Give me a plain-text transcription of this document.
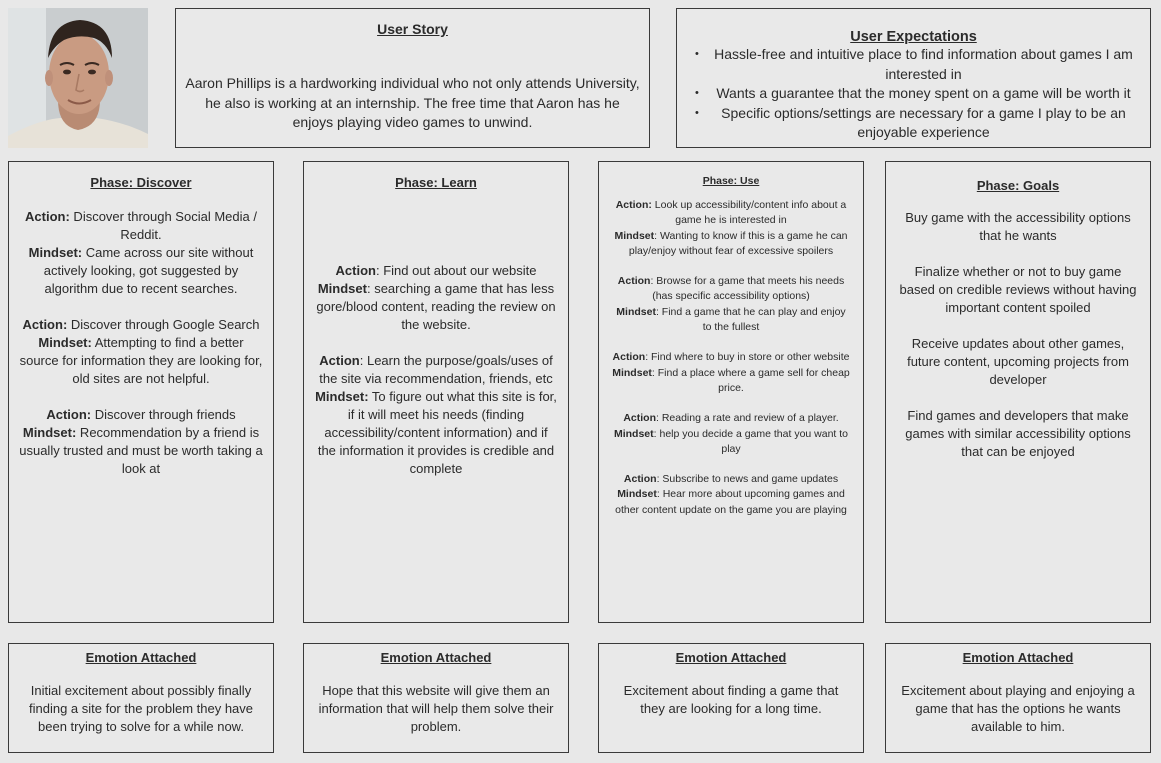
User Story

Aaron Phillips is a hardworking individual who not only attends University, he also is working at an internship. The free time that Aaron has he enjoys playing video games to unwind.

User Expectations
• Hassle-free and intuitive place to find information about games I am interested in
• Wants a guarantee that the money spent on a game will be worth it
• Specific options/settings are necessary for a game I play to be an enjoyable experience
Phase: Discover

Action: Discover through Social Media / Reddit.
Mindset: Came across our site without actively looking, got suggested by algorithm due to recent searches.

Action: Discover through Google Search
Mindset: Attempting to find a better source for information they are looking for, old sites are not helpful.

Action: Discover through friends
Mindset: Recommendation by a friend is usually trusted and must be worth taking a look at

Phase: Learn

Action: Find out about our website
Mindset: searching a game that has less gore/blood content, reading the review on the website.

Action: Learn the purpose/goals/uses of the site via recommendation, friends, etc
Mindset: To figure out what this site is for, if it will meet his needs (finding accessibility/content information) and if the information it provides is credible and complete

Phase: Use

Action: Look up accessibility/content info about a game he is interested in
Mindset: Wanting to know if this is a game he can play/enjoy without fear of excessive spoilers

Action: Browse for a game that meets his needs (has specific accessibility options)
Mindset: Find a game that he can play and enjoy to the fullest

Action: Find where to buy in store or other website
Mindset: Find a place where a game sell for cheap price.

Action: Reading a rate and review of a player.
Mindset: help you decide a game that you want to play

Action: Subscribe to news and game updates
Mindset: Hear more about upcoming games and other content update on the game you are playing

Phase: Goals

Buy game with the accessibility options that he wants

Finalize whether or not to buy game based on credible reviews without having important content spoiled

Receive updates about other games, future content, upcoming projects from developer

Find games and developers that make games with similar accessibility options that can be enjoyed

Emotion Attached

Initial excitement about possibly finally finding a site for the problem they have been trying to solve for a while now.

Emotion Attached

Hope that this website will give them an information that will help them solve their problem.

Emotion Attached

Excitement about finding a game that they are looking for a long time.

Emotion Attached

Excitement about playing and enjoying a game that has the options he wants available to him.
